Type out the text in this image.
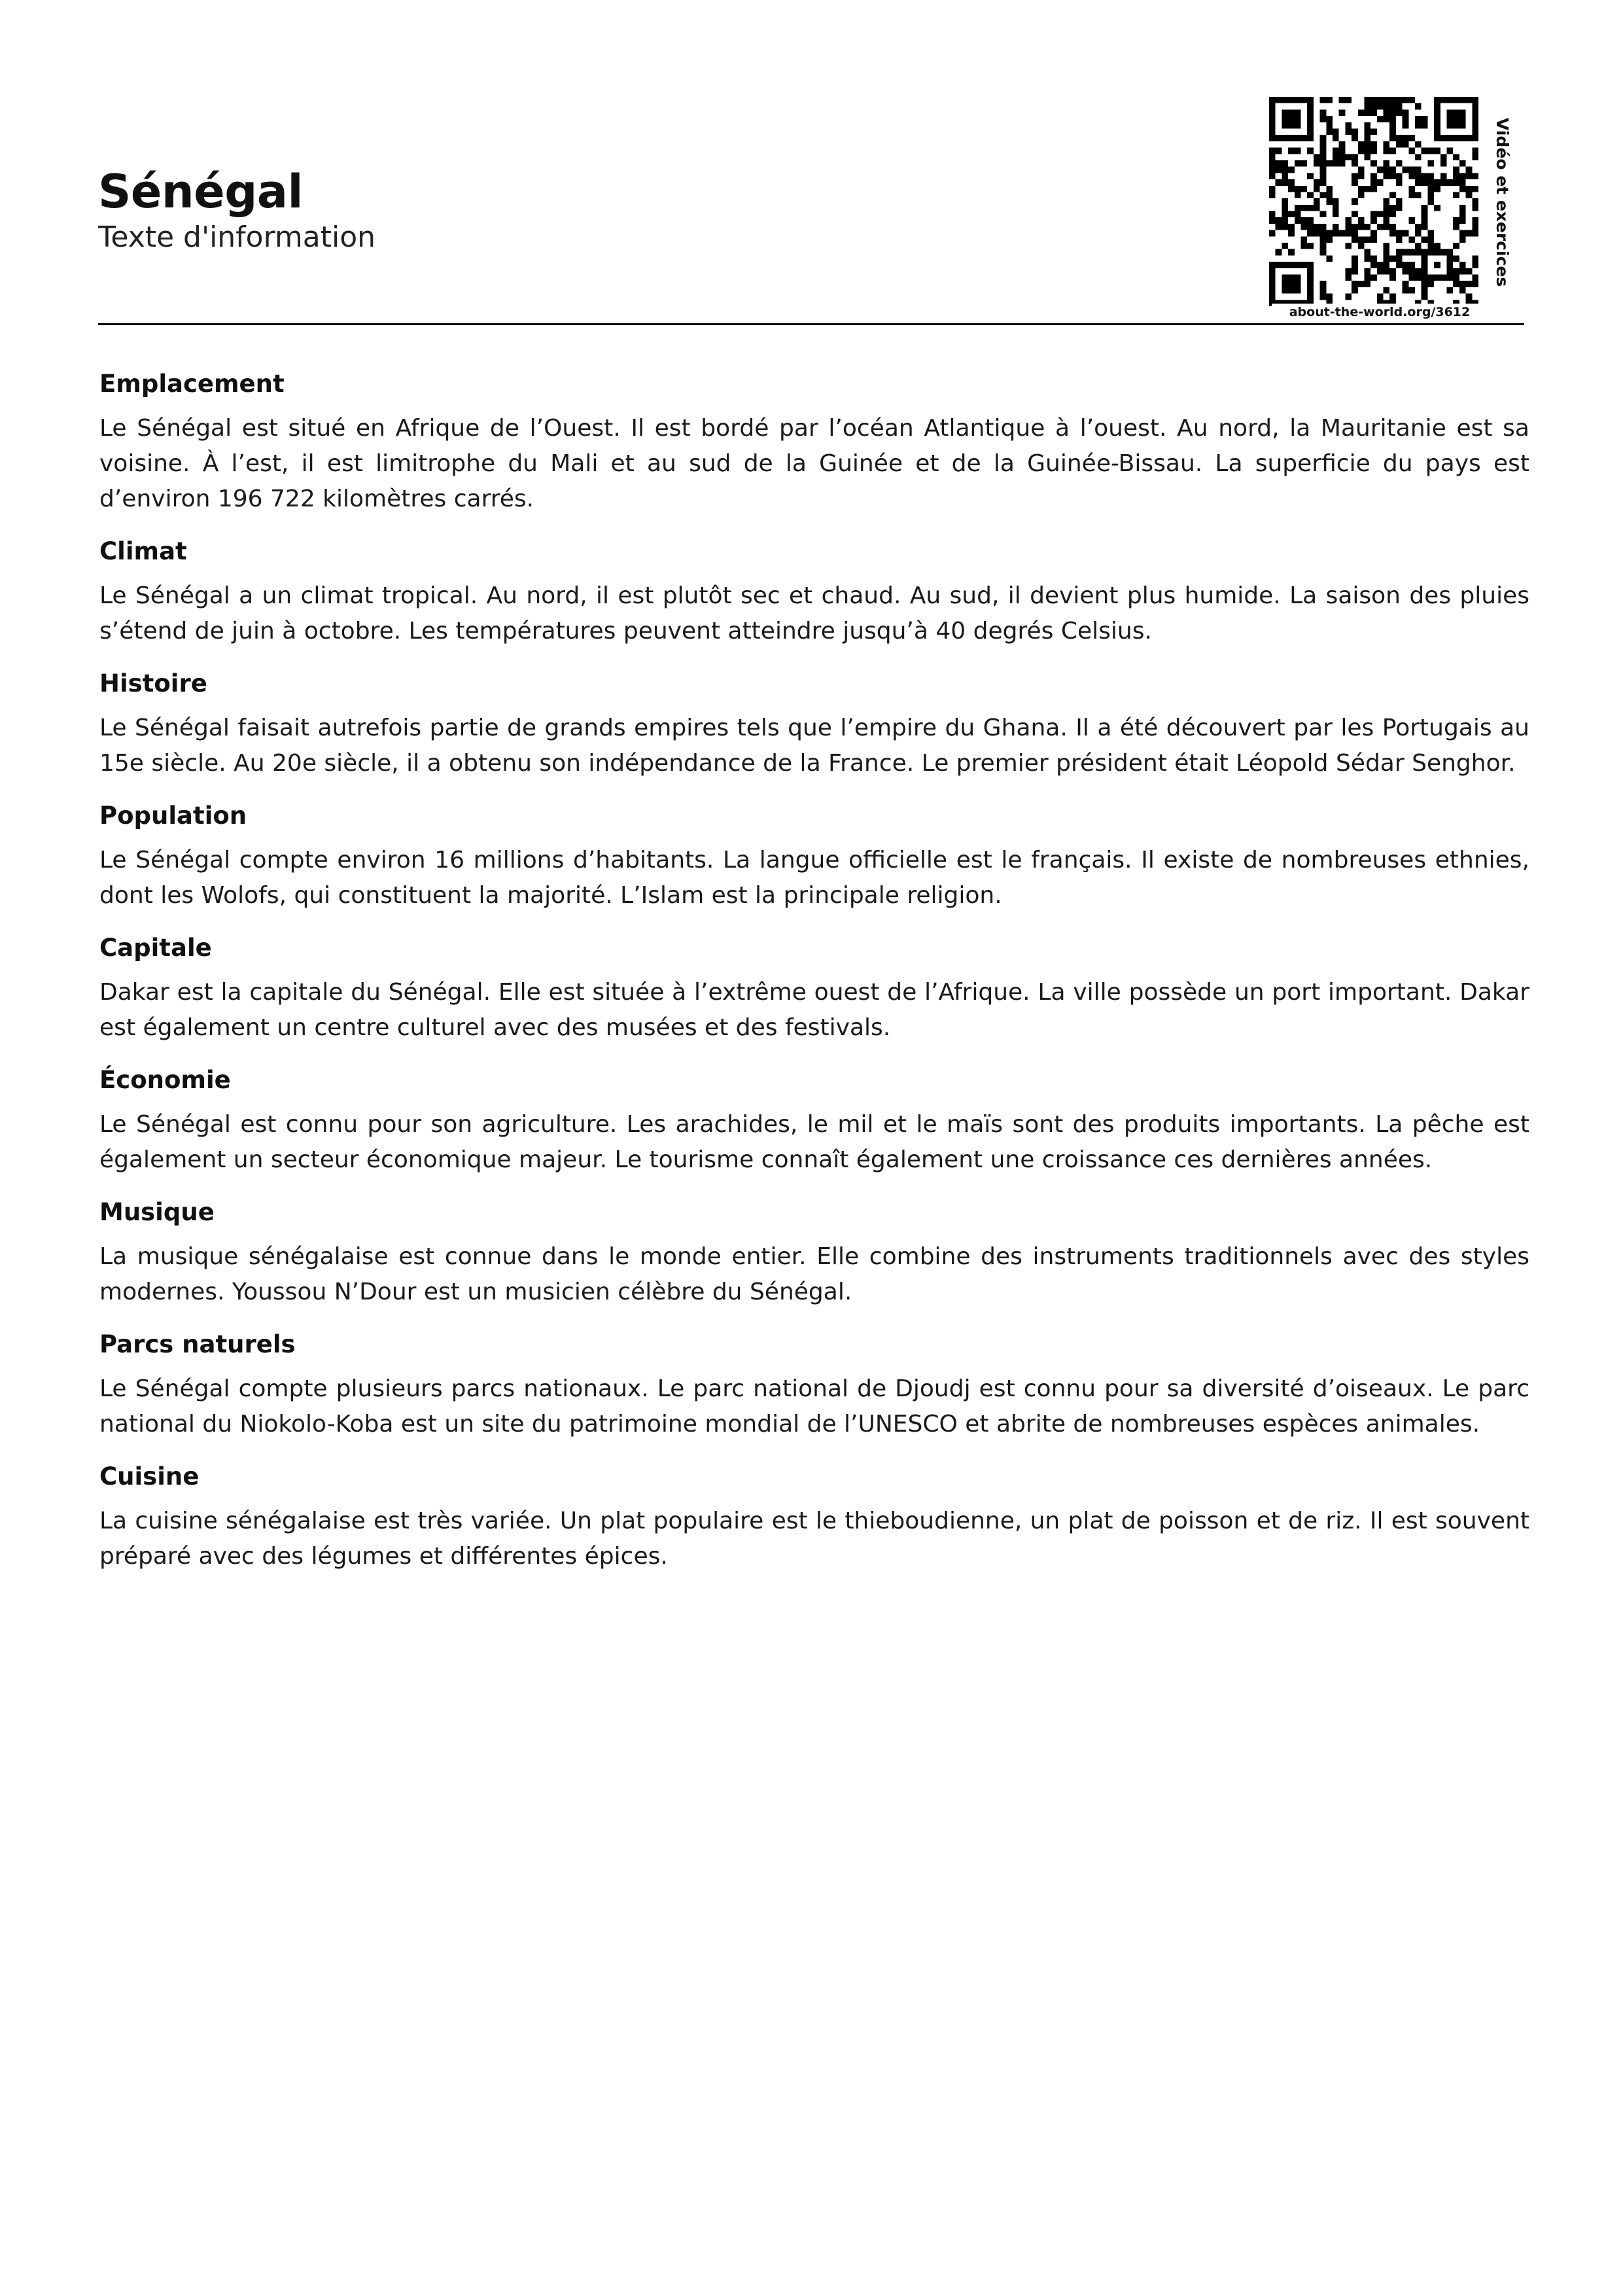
Sénégal

Texte d'information

about-the-world.org/3612
Vidéo et exercices
Emplacement

Le Sénégal est situé en Afrique de l’Ouest. Il est bordé par l’océan Atlantique à l’ouest. Au nord, la Mauritanie est sa voisine. À l’est, il est limitrophe du Mali et au sud de la Guinée et de la Guinée-Bissau. La superficie du pays est d’environ 196 722 kilomètres carrés.

Climat

Le Sénégal a un climat tropical. Au nord, il est plutôt sec et chaud. Au sud, il devient plus humide. La saison des pluies s’étend de juin à octobre. Les températures peuvent atteindre jusqu’à 40 degrés Celsius.

Histoire

Le Sénégal faisait autrefois partie de grands empires tels que l’empire du Ghana. Il a été découvert par les Portugais au 15e siècle. Au 20e siècle, il a obtenu son indépendance de la France. Le premier président était Léopold Sédar Senghor.

Population

Le Sénégal compte environ 16 millions d’habitants. La langue officielle est le français. Il existe de nombreuses ethnies, dont les Wolofs, qui constituent la majorité. L’Islam est la principale religion.

Capitale

Dakar est la capitale du Sénégal. Elle est située à l’extrême ouest de l’Afrique. La ville possède un port important. Dakar est également un centre culturel avec des musées et des festivals.

Économie

Le Sénégal est connu pour son agriculture. Les arachides, le mil et le maïs sont des produits importants. La pêche est également un secteur économique majeur. Le tourisme connaît également une croissance ces dernières années.

Musique

La musique sénégalaise est connue dans le monde entier. Elle combine des instruments traditionnels avec des styles modernes. Youssou N’Dour est un musicien célèbre du Sénégal.

Parcs naturels

Le Sénégal compte plusieurs parcs nationaux. Le parc national de Djoudj est connu pour sa diversité d’oiseaux. Le parc national du Niokolo-Koba est un site du patrimoine mondial de l’UNESCO et abrite de nombreuses espèces animales.

Cuisine

La cuisine sénégalaise est très variée. Un plat populaire est le thieboudienne, un plat de poisson et de riz. Il est souvent préparé avec des légumes et différentes épices.
